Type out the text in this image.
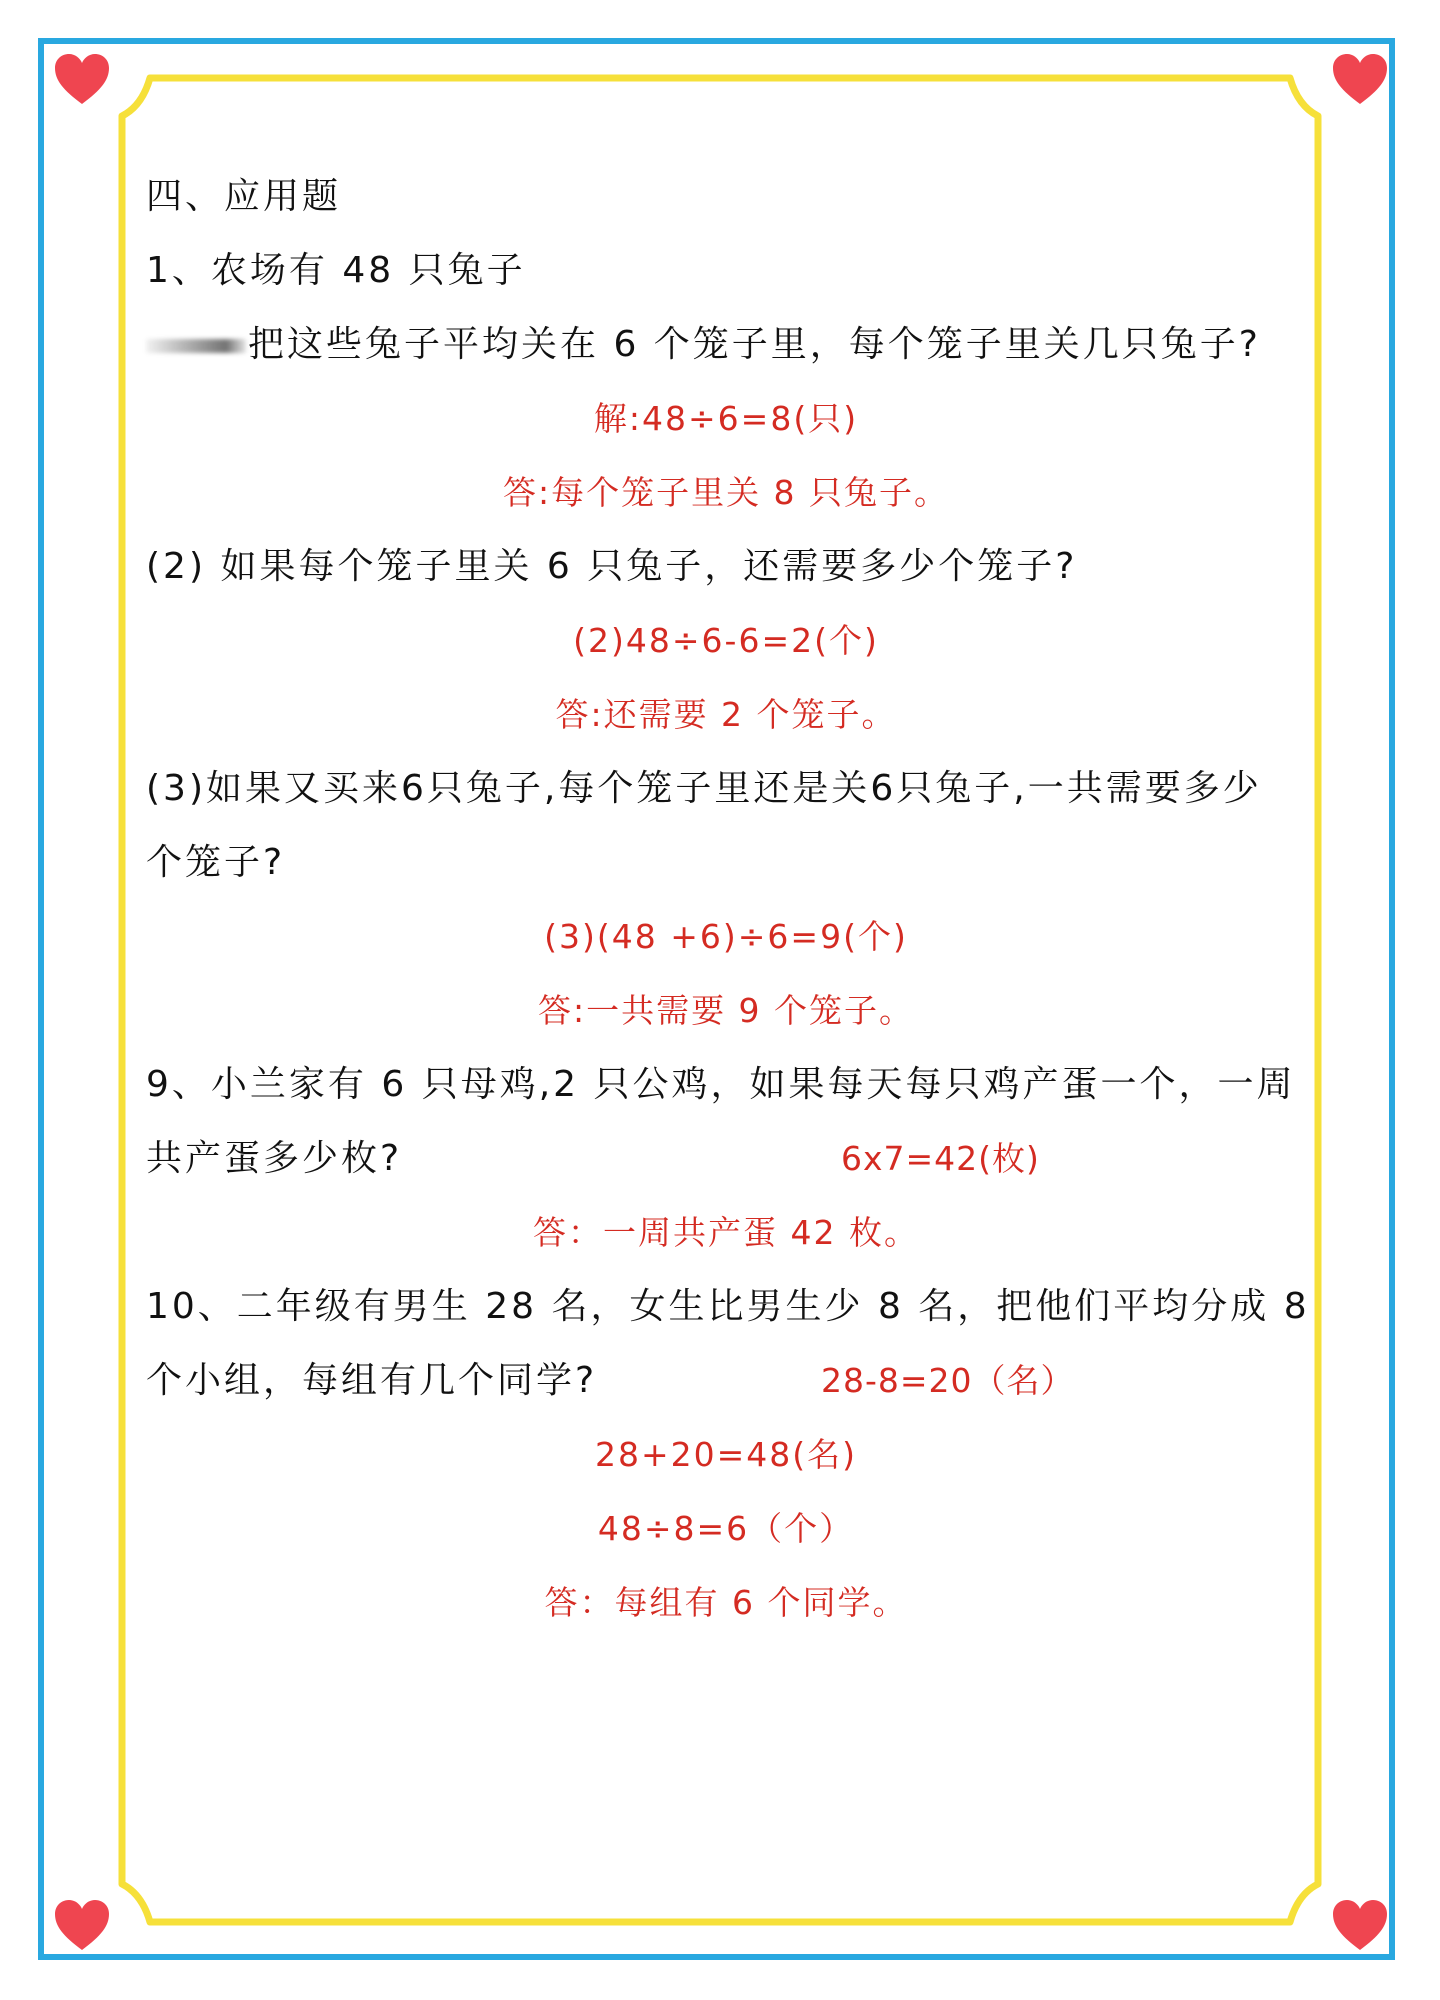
四、应用题
1、农场有 48 只兔子
把这些兔子平均关在 6 个笼子里，每个笼子里关几只兔子?
解:48÷6=8(只)
答:每个笼子里关 8 只兔子。
(2) 如果每个笼子里关 6 只兔子，还需要多少个笼子?
(2)48÷6-6=2(个)
答:还需要 2 个笼子。
(3)如果又买来6只兔子,每个笼子里还是关6只兔子,一共需要多少
个笼子?
(3)(48 +6)÷6=9(个)
答:一共需要 9 个笼子。
9、小兰家有 6 只母鸡,2 只公鸡，如果每天每只鸡产蛋一个，一周
共产蛋多少枚?	6x7=42(枚)
答：一周共产蛋 42 枚。
10、二年级有男生 28 名，女生比男生少 8 名，把他们平均分成 8
个小组，每组有几个同学?	28-8=20（名）
28+20=48(名)
48÷8=6（个）
答：每组有 6 个同学。
